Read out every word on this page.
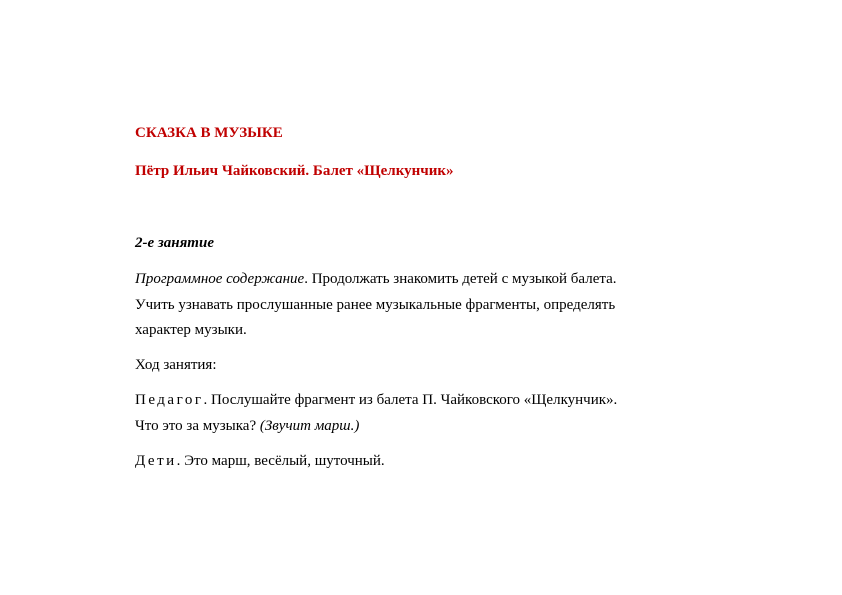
СКАЗКА В МУЗЫКЕ
Пётр Ильич Чайковский. Балет «Щелкунчик»
2-е занятие
Программное содержание. Продолжать знакомить детей с музыкой балета.
Учить узнавать прослушанные ранее музыкальные фрагменты, определять
характер музыки.
Ход занятия:
Педагог. Послушайте фрагмент из балета П. Чайковского «Щелкунчик».
Что это за музыка? (Звучит марш.)
Дети. Это марш, весёлый, шуточный.
